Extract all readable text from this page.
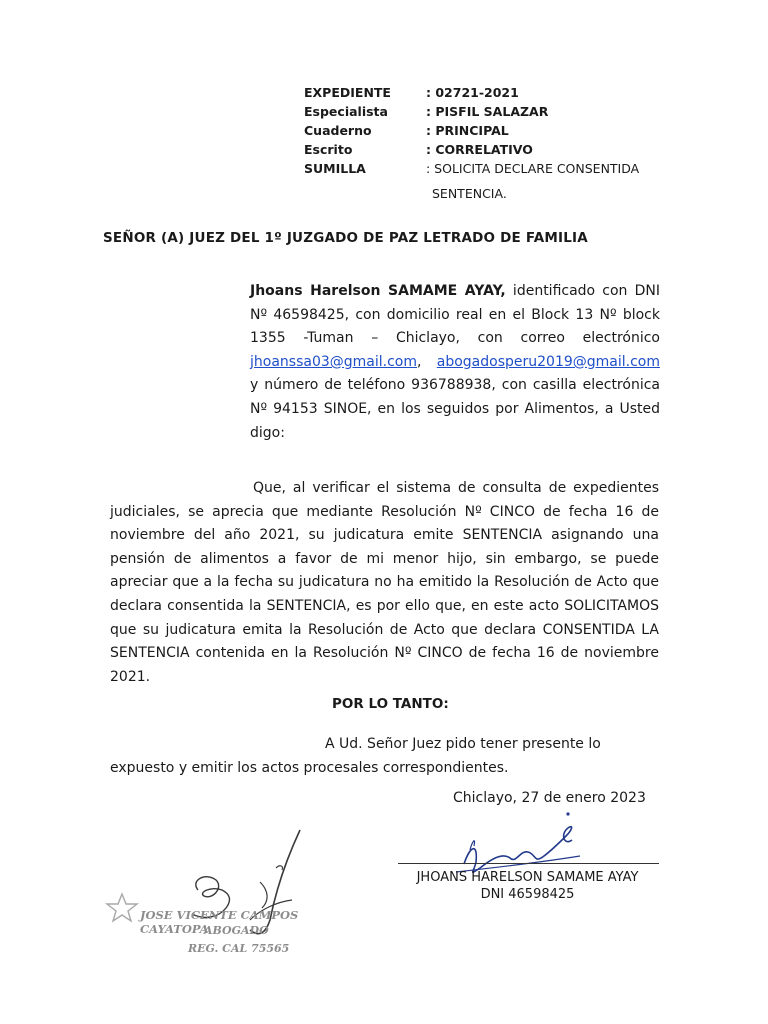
EXPEDIENTE	: 02721-2021
Especialista	: PISFIL SALAZAR
Cuaderno	: PRINCIPAL
Escrito	: CORRELATIVO
SUMILLA	: SOLICITA DECLARE CONSENTIDA
SENTENCIA.
SEÑOR (A) JUEZ DEL 1º JUZGADO DE PAZ LETRADO DE FAMILIA
Jhoans Harelson SAMAME AYAY, identificado con DNI Nº 46598425, con domicilio real en el Block 13 Nº block 1355 -Tuman – Chiclayo, con correo electrónico jhoanssa03@gmail.com, abogadosperu2019@gmail.com y número de teléfono 936788938, con casilla electrónica Nº 94153 SINOE, en los seguidos por Alimentos, a Usted digo:
Que, al verificar el sistema de consulta de expedientes judiciales, se aprecia que mediante Resolución Nº CINCO de fecha 16 de noviembre del año 2021, su judicatura emite SENTENCIA asignando una pensión de alimentos a favor de mi menor hijo, sin embargo, se puede apreciar que a la fecha su judicatura no ha emitido la Resolución de Acto que declara consentida la SENTENCIA, es por ello que, en este acto SOLICITAMOS que su judicatura emita la Resolución de Acto que declara CONSENTIDA LA SENTENCIA contenida en la Resolución Nº CINCO de fecha 16 de noviembre 2021.
POR LO TANTO:
A Ud. Señor Juez pido tener presente lo
expuesto y emitir los actos procesales correspondientes.
Chiclayo, 27 de enero 2023
JHOANS HARELSON SAMAME AYAY
DNI 46598425
JOSE VICENTE CAMPOS CAYATOPA
ABOGADO
REG. CAL 75565
